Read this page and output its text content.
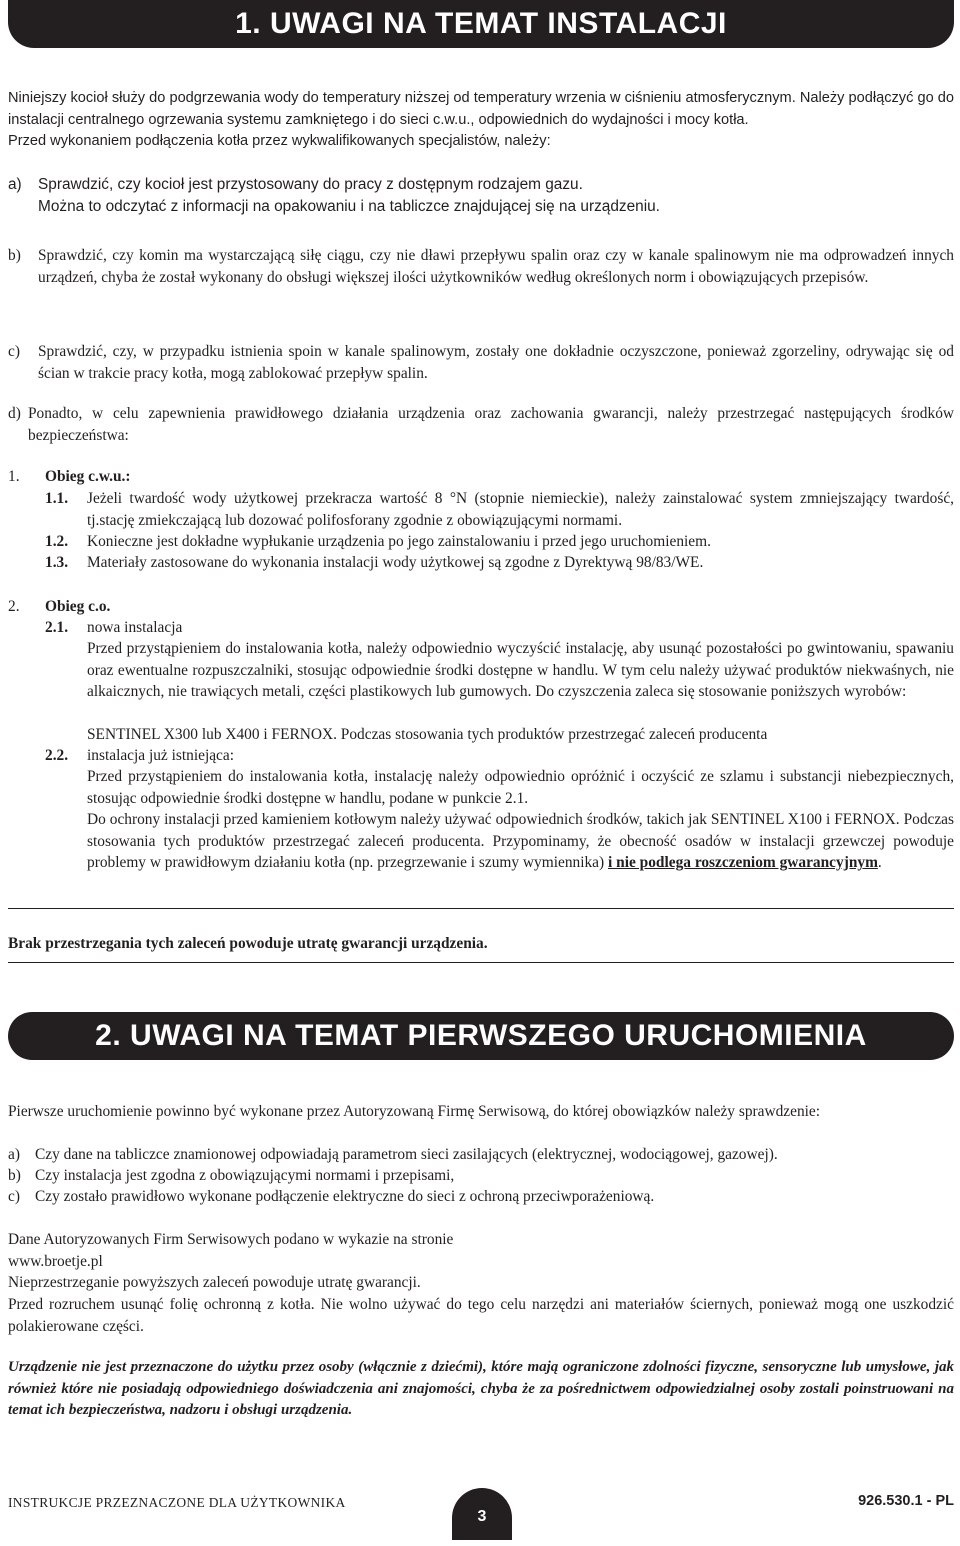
1. UWAGI NA TEMAT INSTALACJI

Niniejszy kocioł służy do podgrzewania wody do temperatury niższej od temperatury wrzenia w ciśnieniu atmosferycznym. Należy podłączyć go do instalacji centralnego ogrzewania systemu zamkniętego i do sieci c.w.u., odpowiednich do wydajności i mocy kotła.

Przed wykonaniem podłączenia kotła przez wykwalifikowanych specjalistów, należy:

a) Sprawdzić, czy kocioł jest przystosowany do pracy z dostępnym rodzajem gazu.
Można to odczytać z informacji na opakowaniu i na tabliczce znajdującej się na urządzeniu.
b) Sprawdzić, czy komin ma wystarczającą siłę ciągu, czy nie dławi przepływu spalin oraz czy w kanale spalinowym nie ma odprowadzeń innych urządzeń, chyba że został wykonany do obsługi większej ilości użytkowników według określonych norm i obowiązujących przepisów.
c) Sprawdzić, czy, w przypadku istnienia spoin w kanale spalinowym, zostały one dokładnie oczyszczone, ponieważ zgorzeliny, odrywając się od ścian w trakcie pracy kotła, mogą zablokować przepływ spalin.
d) Ponadto, w celu zapewnienia prawidłowego działania urządzenia oraz zachowania gwarancji, należy przestrzegać następujących środków bezpieczeństwa:
1. Obieg c.w.u.:
1.1. Jeżeli twardość wody użytkowej przekracza wartość 8 °N (stopnie niemieckie), należy zainstalować system zmniejszający twardość, tj.stację zmiekczającą lub dozować polifosforany zgodnie z obowiązującymi normami.
1.2. Konieczne jest dokładne wypłukanie urządzenia po jego zainstalowaniu i przed jego uruchomieniem.
1.3. Materiały zastosowane do wykonania instalacji wody użytkowej są zgodne z Dyrektywą 98/83/WE.
2. Obieg c.o.
2.1. nowa instalacja
Przed przystąpieniem do instalowania kotła, należy odpowiednio wyczyścić instalację, aby usunąć pozostałości po gwintowaniu, spawaniu oraz ewentualne rozpuszczalniki, stosując odpowiednie środki dostępne w handlu. W tym celu należy używać produktów niekwaśnych, nie alkaicznych, nie trawiących metali, części plastikowych lub gumowych. Do czyszczenia zaleca się stosowanie poniższych wyrobów:
SENTINEL X300 lub X400 i FERNOX. Podczas stosowania tych produktów przestrzegać zaleceń producenta
2.2. instalacja już istniejąca:
Przed przystąpieniem do instalowania kotła, instalację należy odpowiednio opróżnić i oczyścić ze szlamu i substancji niebezpiecznych, stosując odpowiednie środki dostępne w handlu, podane w punkcie 2.1.
Do ochrony instalacji przed kamieniem kotłowym należy używać odpowiednich środków, takich jak SENTINEL X100 i FERNOX. Podczas stosowania tych produktów przestrzegać zaleceń producenta. Przypominamy, że obecność osadów w instalacji grzewczej powoduje problemy w prawidłowym działaniu kotła (np. przegrzewanie i szumy wymiennika) i nie podlega roszczeniom gwarancyjnym.

Brak przestrzegania tych zaleceń powoduje utratę gwarancji urządzenia.

2. UWAGI NA TEMAT PIERWSZEGO URUCHOMIENIA

Pierwsze uruchomienie powinno być wykonane przez Autoryzowaną Firmę Serwisową, do której obowiązków należy sprawdzenie:

a) Czy dane na tabliczce znamionowej odpowiadają parametrom sieci zasilających (elektrycznej, wodociągowej, gazowej).
b) Czy instalacja jest zgodna z obowiązującymi normami i przepisami,
c) Czy zostało prawidłowo wykonane podłączenie elektryczne do sieci z ochroną przeciwporażeniową.

Dane Autoryzowanych Firm Serwisowych podano w wykazie na stronie

www.broetje.pl

Nieprzestrzeganie powyższych zaleceń powoduje utratę gwarancji.

Przed rozruchem usunąć folię ochronną z kotła. Nie wolno używać do tego celu narzędzi ani materiałów ściernych, ponieważ mogą one uszkodzić polakierowane części.

Urządzenie nie jest przeznaczone do użytku przez osoby (włącznie z dziećmi), które mają ograniczone zdolności fizyczne, sensoryczne lub umysłowe, jak również które nie posiadają odpowiedniego doświadczenia ani znajomości, chyba że za pośrednictwem odpowiedzialnej osoby zostali poinstruowani na temat ich bezpieczeństwa, nadzoru i obsługi urządzenia.

INSTRUKCJE PRZEZNACZONE DLA UŻYTKOWNIKA
3
926.530.1 - PL
